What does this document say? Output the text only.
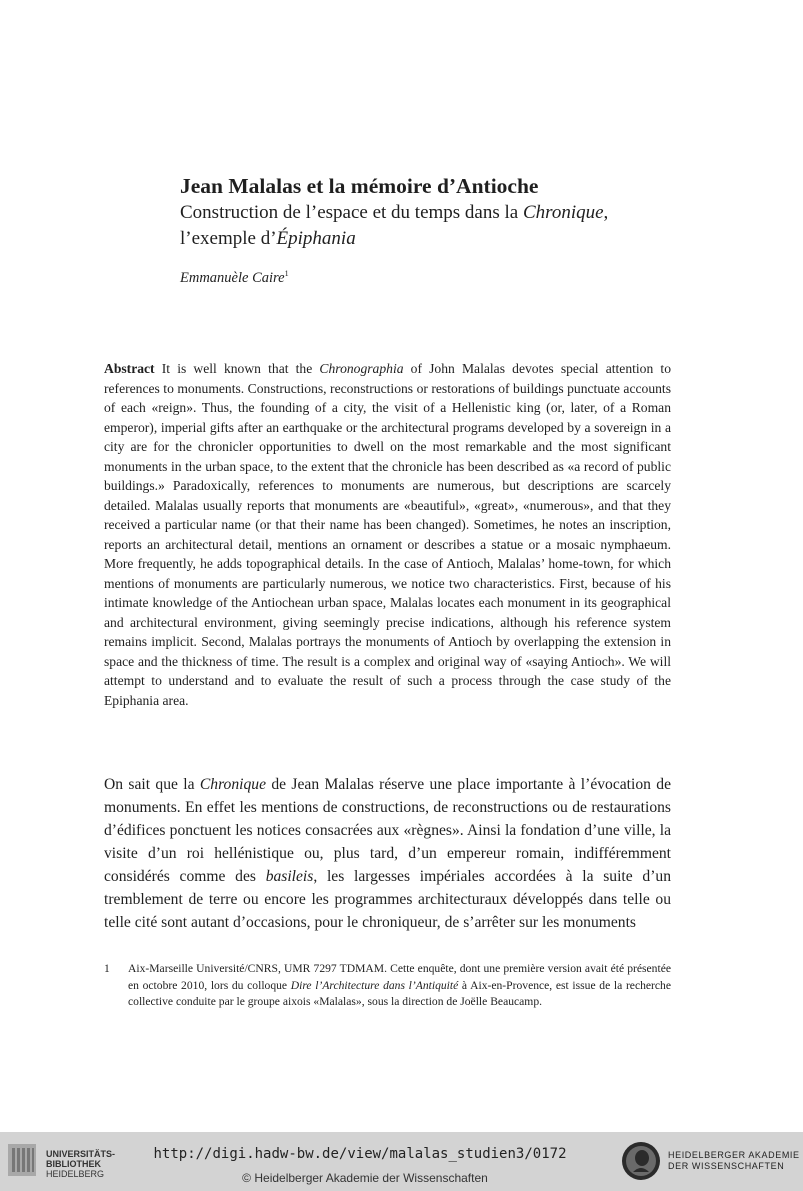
Jean Malalas et la mémoire d’Antioche

Construction de l’espace et du temps dans la Chronique,
l’exemple d’Épiphania

Emmanuèle Caire$^1$

Abstract It is well known that the Chronographia of John Malalas devotes special attention to references to monuments. Constructions, reconstructions or restorations of buildings punctuate accounts of each «reign». Thus, the founding of a city, the visit of a Hellenistic king (or, later, of a Roman emperor), imperial gifts after an earthquake or the architectural programs developed by a sovereign in a city are for the chronicler opportunities to dwell on the most remarkable and the most significant monuments in the urban space, to the extent that the chronicle has been described as «a record of public buildings.» Paradoxically, references to monuments are numerous, but descriptions are scarcely detailed. Malalas usually reports that monuments are «beautiful», «great», «numerous», and that they received a particular name (or that their name has been changed). Sometimes, he notes an inscription, reports an architectural detail, mentions an ornament or describes a statue or a mosaic nymphaeum. More frequently, he adds topographical details. In the case of Antioch, Malalas’ home-town, for which mentions of monuments are particularly numerous, we notice two characteristics. First, because of his intimate knowledge of the Antiochean urban space, Malalas locates each monument in its geographical and architectural environment, giving seemingly precise indications, although his reference system remains implicit. Second, Malalas portrays the monuments of Antioch by overlapping the extension in space and the thickness of time. The result is a complex and original way of «saying Antioch». We will attempt to understand and to evaluate the result of such a process through the case study of the Epiphania area.

On sait que la Chronique de Jean Malalas réserve une place importante à l’évocation de monuments. En effet les mentions de constructions, de reconstructions ou de restaurations d’édifices ponctuent les notices consacrées aux «règnes». Ainsi la fondation d’une ville, la visite d’un roi hellénistique ou, plus tard, d’un empereur romain, indifféremment considérés comme des basileis, les largesses impériales accordées à la suite d’un tremblement de terre ou encore les programmes architecturaux développés dans telle ou telle cité sont autant d’occasions, pour le chroniqueur, de s’arrêter sur les monuments

1	Aix-Marseille Université/CNRS, UMR 7297 TDMAM. Cette enquête, dont une première version avait été présentée en octobre 2010, lors du colloque Dire l’Architecture dans l’Antiquité à Aix-en-Provence, est issue de la recherche collective conduite par le groupe aixois «Malalas», sous la direction de Joëlle Beaucamp.
UNIVERSITÄTS-
BIBLIOTHEK
HEIDELBERG
http://digi.hadw-bw.de/view/malalas_studien3/0172
© Heidelberger Akademie der Wissenschaften
HEIDELBERGER AKADEMIE
DER WISSENSCHAFTEN
